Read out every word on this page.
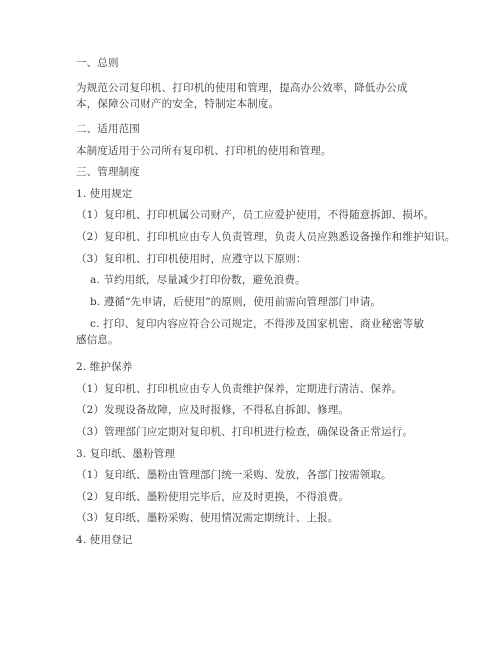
一、总则
为规范公司复印机、打印机的使用和管理，提高办公效率，降低办公成本，保障公司财产的安全，特制定本制度。
二、适用范围
本制度适用于公司所有复印机、打印机的使用和管理。
三、管理制度
1. 使用规定
（1）复印机、打印机属公司财产，员工应爱护使用，不得随意拆卸、损坏。
（2）复印机、打印机应由专人负责管理，负责人员应熟悉设备操作和维护知识。
（3）复印机、打印机使用时，应遵守以下原则：
a. 节约用纸，尽量减少打印份数，避免浪费。
b. 遵循“先申请，后使用”的原则，使用前需向管理部门申请。
c. 打印、复印内容应符合公司规定，不得涉及国家机密、商业秘密等敏感信息。
2. 维护保养
（1）复印机、打印机应由专人负责维护保养，定期进行清洁、保养。
（2）发现设备故障，应及时报修，不得私自拆卸、修理。
（3）管理部门应定期对复印机、打印机进行检查，确保设备正常运行。
3. 复印纸、墨粉管理
（1）复印纸、墨粉由管理部门统一采购、发放，各部门按需领取。
（2）复印纸、墨粉使用完毕后，应及时更换，不得浪费。
（3）复印纸、墨粉采购、使用情况需定期统计、上报。
4. 使用登记
